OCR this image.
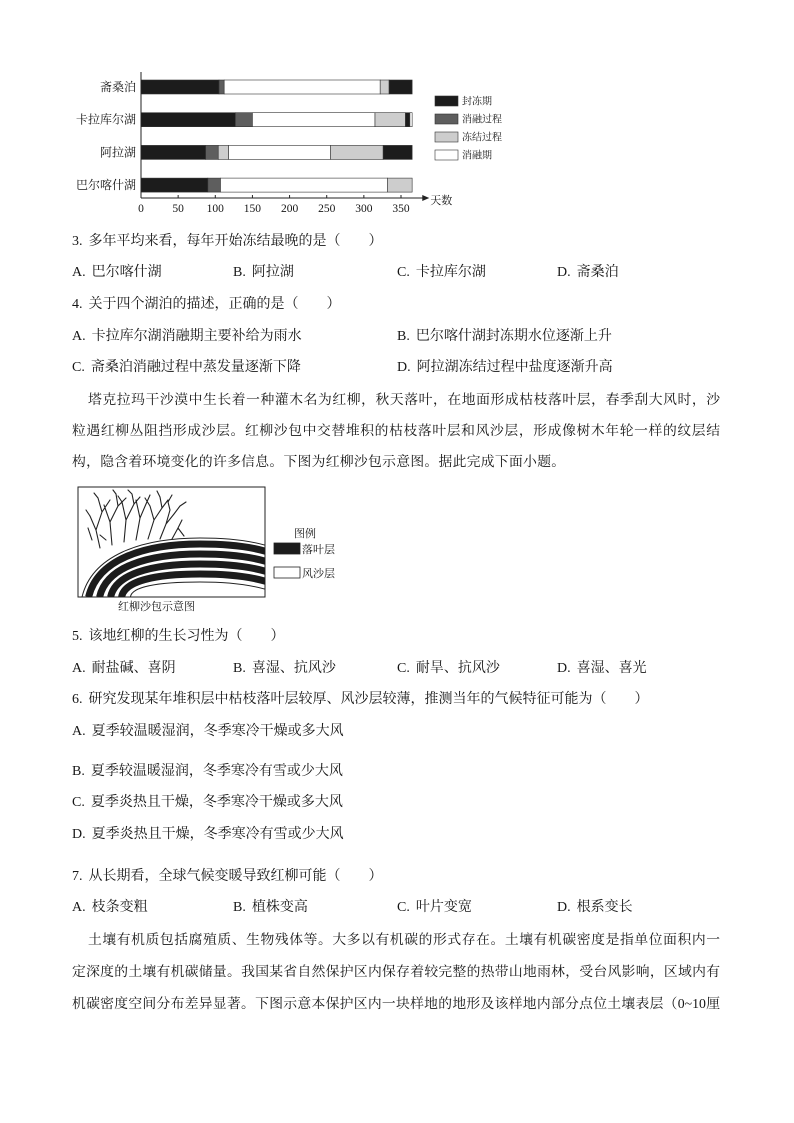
斋桑泊
卡拉库尔湖
阿拉湖
巴尔喀什湖
0 50 100 150 200 250 300 350
天数
封冻期
消融过程
冻结过程
消融期
3. 多年平均来看，每年开始冻结最晚的是（　　）
A. 巴尔喀什湖	B. 阿拉湖	C. 卡拉库尔湖	D. 斋桑泊
4. 关于四个湖泊的描述，正确的是（　　）
A. 卡拉库尔湖消融期主要补给为雨水	B. 巴尔喀什湖封冻期水位逐渐上升
C. 斋桑泊消融过程中蒸发量逐渐下降	D. 阿拉湖冻结过程中盐度逐渐升高
塔克拉玛干沙漠中生长着一种灌木名为红柳，秋天落叶，在地面形成枯枝落叶层，春季刮大风时，沙
粒遇红柳丛阻挡形成沙层。红柳沙包中交替堆积的枯枝落叶层和风沙层，形成像树木年轮一样的纹层结
构，隐含着环境变化的许多信息。下图为红柳沙包示意图。据此完成下面小题。
图例
落叶层
风沙层
红柳沙包示意图
5. 该地红柳的生长习性为（　　）
A. 耐盐碱、喜阴	B. 喜湿、抗风沙	C. 耐旱、抗风沙	D. 喜湿、喜光
6. 研究发现某年堆积层中枯枝落叶层较厚、风沙层较薄，推测当年的气候特征可能为（　　）
A. 夏季较温暖湿润，冬季寒冷干燥或多大风
B. 夏季较温暖湿润，冬季寒冷有雪或少大风
C. 夏季炎热且干燥，冬季寒冷干燥或多大风
D. 夏季炎热且干燥，冬季寒冷有雪或少大风
7. 从长期看，全球气候变暖导致红柳可能（　　）
A. 枝条变粗	B. 植株变高	C. 叶片变宽	D. 根系变长
土壤有机质包括腐殖质、生物残体等。大多以有机碳的形式存在。土壤有机碳密度是指单位面积内一
定深度的土壤有机碳储量。我国某省自然保护区内保存着较完整的热带山地雨林，受台风影响，区域内有
机碳密度空间分布差异显著。下图示意本保护区内一块样地的地形及该样地内部分点位土壤表层（0~10厘
